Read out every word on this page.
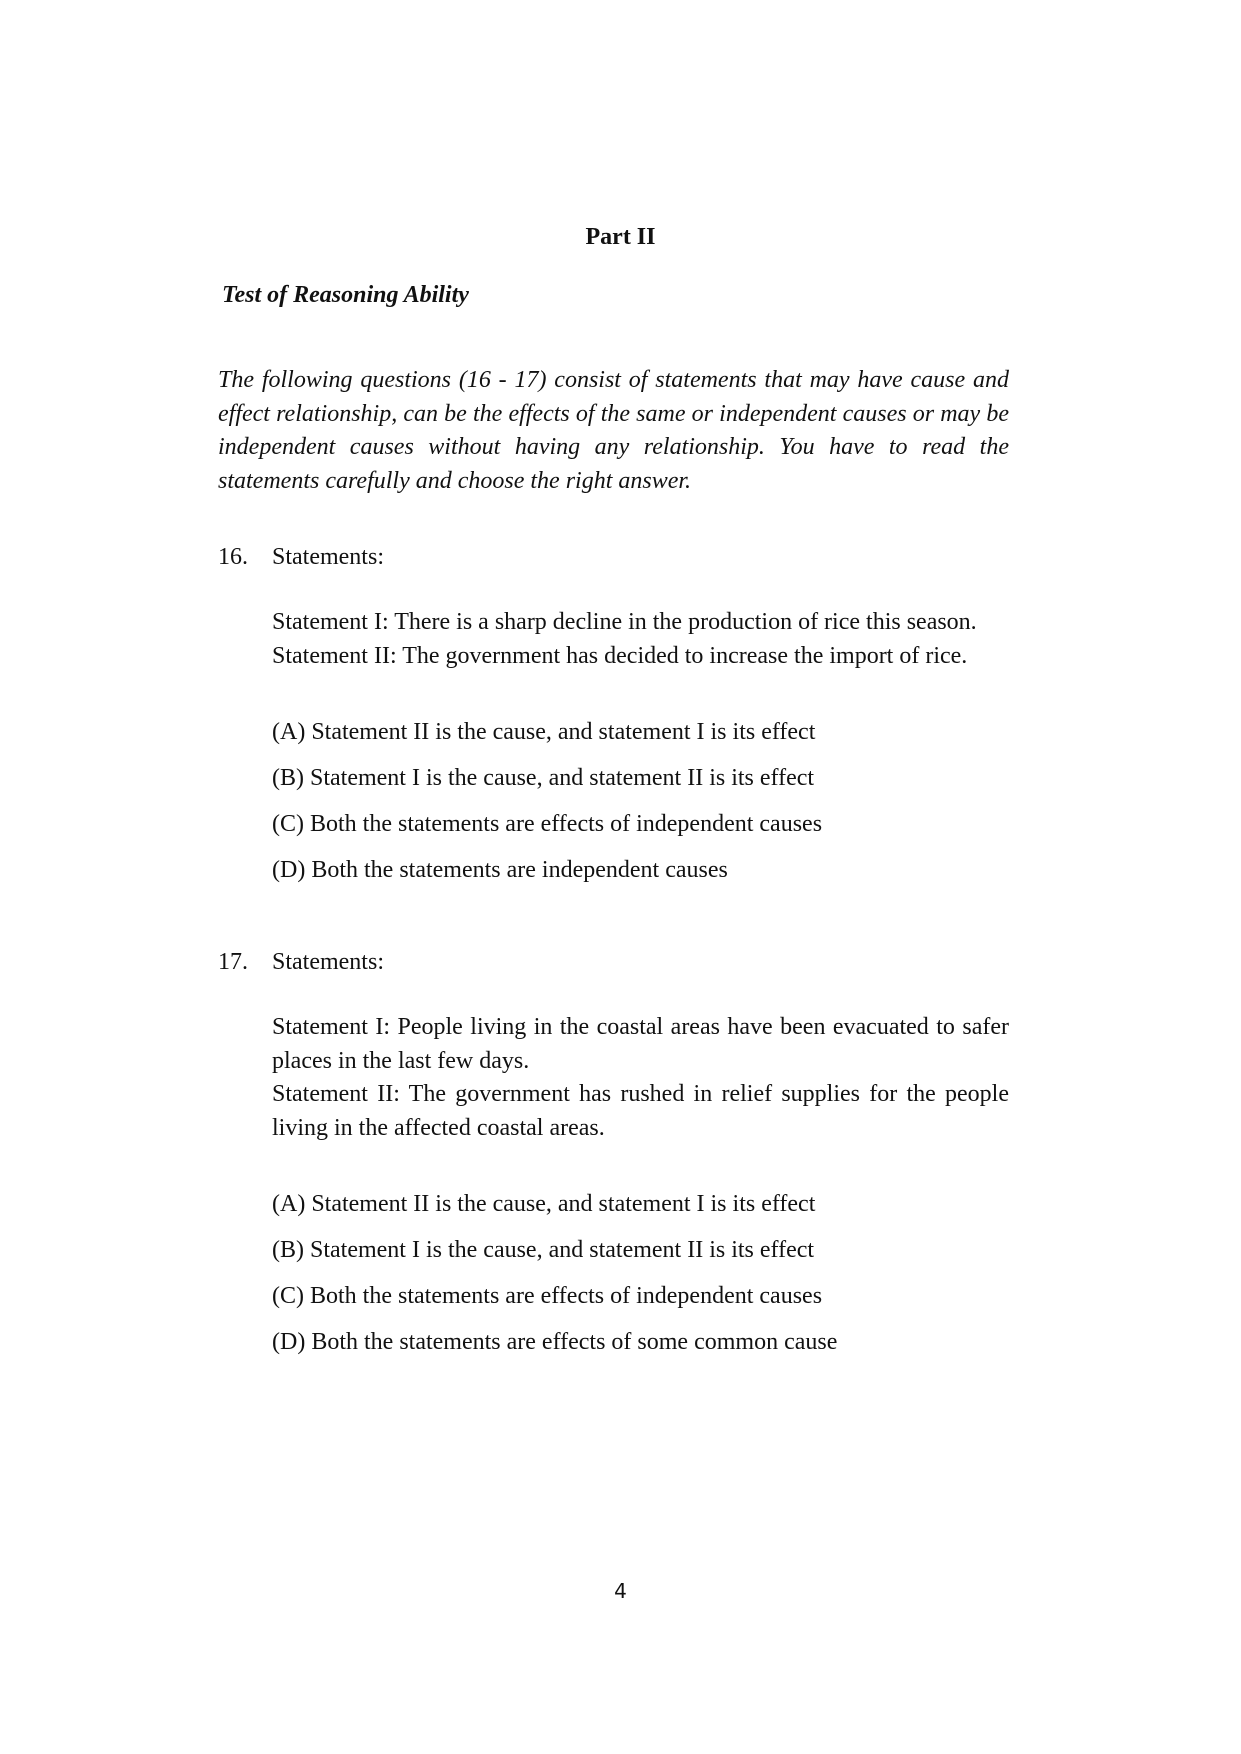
Part II
Test of Reasoning Ability
The following questions (16 - 17) consist of statements that may have cause and effect relationship, can be the effects of the same or independent causes or may be independent causes without having any relationship. You have to read the statements carefully and choose the right answer.
16.	Statements:

Statement I: There is a sharp decline in the production of rice this season.

Statement II: The government has decided to increase the import of rice.

(A) Statement II is the cause, and statement I is its effect
(B) Statement I is the cause, and statement II is its effect
(C) Both the statements are effects of independent causes
(D) Both the statements are independent causes
17.	Statements:

Statement I: People living in the coastal areas have been evacuated to safer places in the last few days.

Statement II: The government has rushed in relief supplies for the people living in the affected coastal areas.

(A) Statement II is the cause, and statement I is its effect
(B) Statement I is the cause, and statement II is its effect
(C) Both the statements are effects of independent causes
(D) Both the statements are effects of some common cause
4
